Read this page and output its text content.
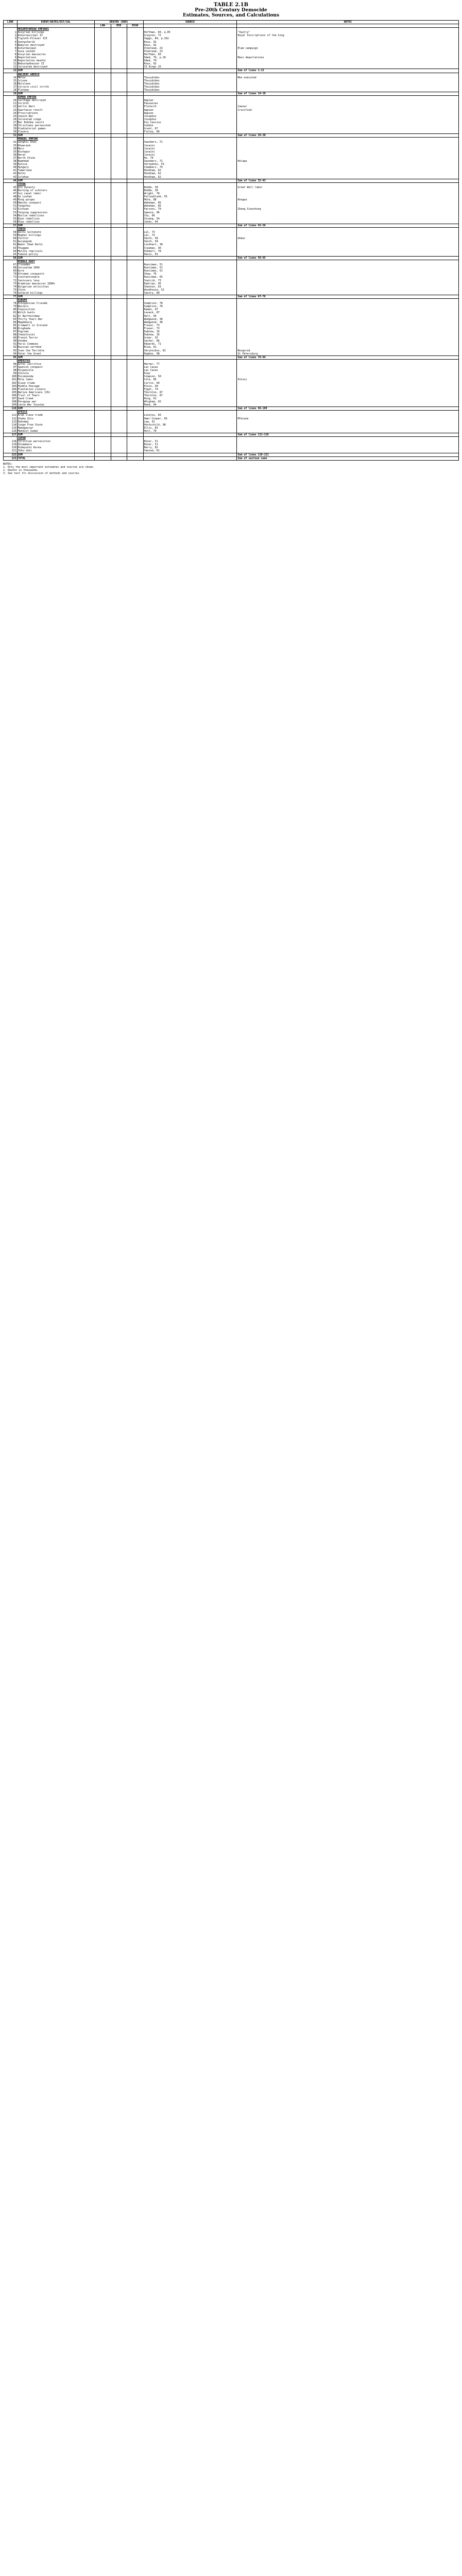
TABLE 2.1B
Pre-20th Century Democide
Estimates, Sources, and Calculations
LINE	EVENT/DATES/EST/CAL	DEATHS (000)			SOURCE	NOTES
		LOW	MID	HIGH		
	MESOPOTAMIAN EMPIRES					
1	Assyrian killings				Hoffman, 83, p.85	"Vastly"
2	Ashurnasirpal II				Grayson, 72	Royal Inscriptions of the king
3	Tiglath-Pileser III				Saggs, 84, p.262	
4	Sennacherib				Roux, 92	
5	Babylon destroyed				Roux, 92	
6	Ashurbanipal				Olmstead, 23	Elam campaign
7	Susa sacked				Olmstead, 23	
8	Assyrian massacres				Hoffman, 83	
9	Deportations				Oded, 79, p.20	Mass deportations
10	Deportation deaths				Oded, 79	
11	Nebuchadnezzar II				Roux, 92	
12	Jerusalem destroyed				II Kings 25	
13	SUM					Sum of lines 1-12
	ANCIENT GREECE					
14	Melos				Thucydides	Men executed
15	Scione				Thucydides	
16	Mytilene				Thucydides	
17	Corcyra civil strife				Thucydides	
18	Plataea				Thucydides	
19	SUM					Sum of lines 14-18
	ROMAN EMPIRE					
20	Carthage destroyed				Appian	
21	Corinth				Pausanias	
22	Gallic Wars				Plutarch	Caesar
23	Spartacus revolt				Appian	Crucified
24	Proscriptions				Appian	
25	Jewish War				Josephus	
26	Jerusalem siege				Josephus	
27	Bar Kokhba revolt				Dio Cassius	
28	Christians persecuted				Gibbon	
29	Gladiatorial games				Grant, 67	
30	Slavery				Finley, 80	
31	SUM					Sum of lines 20-30
	MONGOL EMPIRE					
32	Genghis Khan				Saunders, 71	
33	Khwarazm				Juvaini	
34	Merv				Juvaini	
35	Nishapur				Juvaini	
36	Herat				Juvaini	
37	North China				Ho, 70	
38	Baghdad				Saunders, 71	Hulagu
39	Russia				Vernadsky, 53	
40	Hungary				Chambers, 79	
41	Tamerlane				Hookham, 62	
42	Delhi				Hookham, 62	
43	Isfahan				Hookham, 62	
44	SUM					Sum of lines 32-43
	CHINA					
45	Qin dynasty				Bodde, 38	Great Wall labor
46	Burning of scholars				Bodde, 38	
47	Sui canal labor				Wright, 78	
48	An Lushan				Pulleyblank, 55	
49	Ming purges				Mote, 88	Hongwu
50	Manchu conquest				Wakeman, 85	
51	Yangzhou				Wakeman, 85	
52	Sichuan				Parsons, 70	Zhang Xianzhong
53	Taiping suppression				Spence, 96	
54	Muslim rebellions				Chu, 66	
55	Nian rebellion				Chiang, 54	
56	Miao rebellion				Jenks, 94	
57	SUM					Sum of lines 45-56
	INDIA					
58	Delhi Sultanate				Lal, 73	
59	Mughal killings				Lal, 73	
60	Chittor				Smith, 58	Akbar
61	Aurangzeb				Smith, 58	
62	Nadir Shah Delhi				Lockhart, 38	
63	Thuggee				Sleeman, 36	
64	Mutiny reprisals				Hibbert, 78	
65	Famine policy				Davis, 01	
66	SUM					Sum of lines 58-65
	MIDDLE EAST					
67	Crusades				Runciman, 51	
68	Jerusalem 1099				Runciman, 51	
69	Acre				Runciman, 51	
70	Ottoman conquests				Shaw, 76	
71	Constantinople				Runciman, 65	
72	Janissary levy				Inalcik, 73	
73	Armenian massacres 1890s				Dadrian, 95	
74	Bulgarian atrocities				Shannon, 63	
75	Chios				Woodhouse, 52	
76	Safavid killings				Savory, 80	
77	SUM					Sum of lines 67-76
	EUROPE					
78	Albigensian Crusade				Sumption, 78	
79	Beziers				Sumption, 78	
80	Inquisition				Kamen, 97	
81	Witch hunts				Levack, 87	
82	St Bartholomew				Holt, 95	
83	Thirty Years War				Wedgwood, 38	
84	Magdeburg				Wedgwood, 38	
85	Cromwell in Ireland				Fraser, 73	
86	Drogheda				Fraser, 73	
87	Pogroms				Dubnow, 16	
88	Chmielnicki				Dubnow, 16	
89	French Terror				Greer, 35	
90	Vendee				Secher, 86	
91	Paris Commune				Edwards, 71	
92	Russian serfdom				Blum, 61	
93	Ivan the Terrible				Skrynnikov, 81	Novgorod
94	Peter the Great				Hughes, 98	St Petersburg
95	SUM					Sum of lines 78-94
	AMERICAS					
96	Aztec sacrifice				Harner, 77	
97	Spanish conquest				Las Casas	
98	Hispaniola				Las Casas	
99	Cholula				Diaz	
100	Encomienda				Simpson, 50	
101	Mita labor				Cole, 85	Potosi
102	Slave trade				Curtin, 69	
103	Middle Passage				Klein, 99	
104	Plantation slavery				Fogel, 74	
105	Native Americans (US)				Thornton, 87	
106	Trail of Tears				Thornton, 87	
107	Sand Creek				Hoig, 61	
108	Paraguay war				Whigham, 02	
109	Caste War Yucatan				Reed, 64	
110	SUM					Sum of lines 96-109
	AFRICA					
111	Arab slave trade				Lovejoy, 83	
112	Shaka Zulu				Omer-Cooper, 66	Mfecane
113	Dahomey				Law, 91	
114	Congo Free State				Hochschild, 98	
115	Madagascar				Ellis, 85	
116	Mahdist Sudan				Holt, 70	
117	SUM					Sum of lines 111-116
	JAPAN					
118	Christian persecution				Boxer, 51	
119	Shimabara				Boxer, 51	
120	Hideyoshi Korea				Berry, 82	
121	Ikko-ikki				Sansom, 61	
122	SUM					Sum of lines 118-121
123	TOTAL					Sum of section sums
NOTES:
1. Only the most important estimates and sources are shown.
2. Deaths in thousands.
3. See text for discussion of methods and sources.
